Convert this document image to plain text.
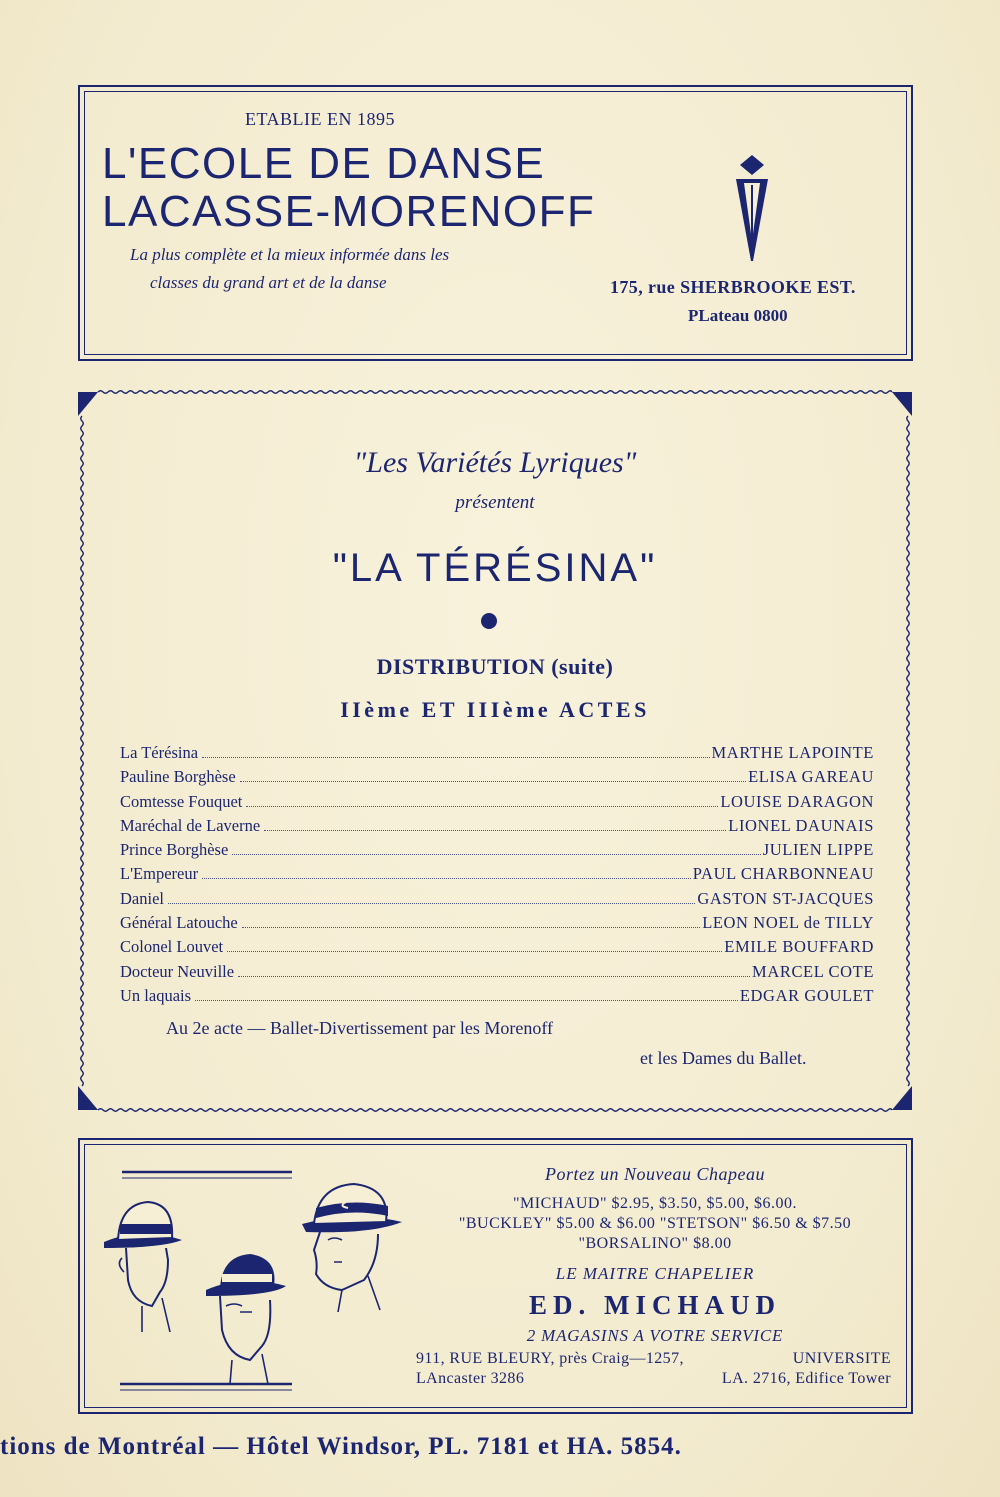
ETABLIE EN 1895
L'ECOLE DE DANSE
LACASSE-MORENOFF
La plus complète et la mieux informée dans les
classes du grand art et de la danse	175, rue SHERBROOKE EST.
PLateau 0800
"Les Variétés Lyriques"
présentent
"LA TÉRÉSINA"
DISTRIBUTION (suite)
IIème ET IIIème ACTES
La Térésina	MARTHE LAPOINTE
Pauline Borghèse	ELISA GAREAU
Comtesse Fouquet	LOUISE DARAGON
Maréchal de Laverne	LIONEL DAUNAIS
Prince Borghèse	JULIEN LIPPE
L'Empereur	PAUL CHARBONNEAU
Daniel	GASTON ST-JACQUES
Général Latouche	LEON NOEL de TILLY
Colonel Louvet	EMILE BOUFFARD
Docteur Neuville	MARCEL COTE
Un laquais	EDGAR GOULET
Au 2e acte — Ballet-Divertissement par les Morenoff
et les Dames du Ballet.
Portez un Nouveau Chapeau
"MICHAUD" $2.95, $3.50, $5.00, $6.00.
"BUCKLEY" $5.00 & $6.00 "STETSON" $6.50 & $7.50
"BORSALINO" $8.00
LE MAITRE CHAPELIER
ED. MICHAUD
2 MAGASINS A VOTRE SERVICE
911, RUE BLEURY, près Craig—1257,	UNIVERSITE
LAncaster 3286	LA. 2716, Edifice Tower
tions de Montréal — Hôtel Windsor, PL. 7181 et HA. 5854.
